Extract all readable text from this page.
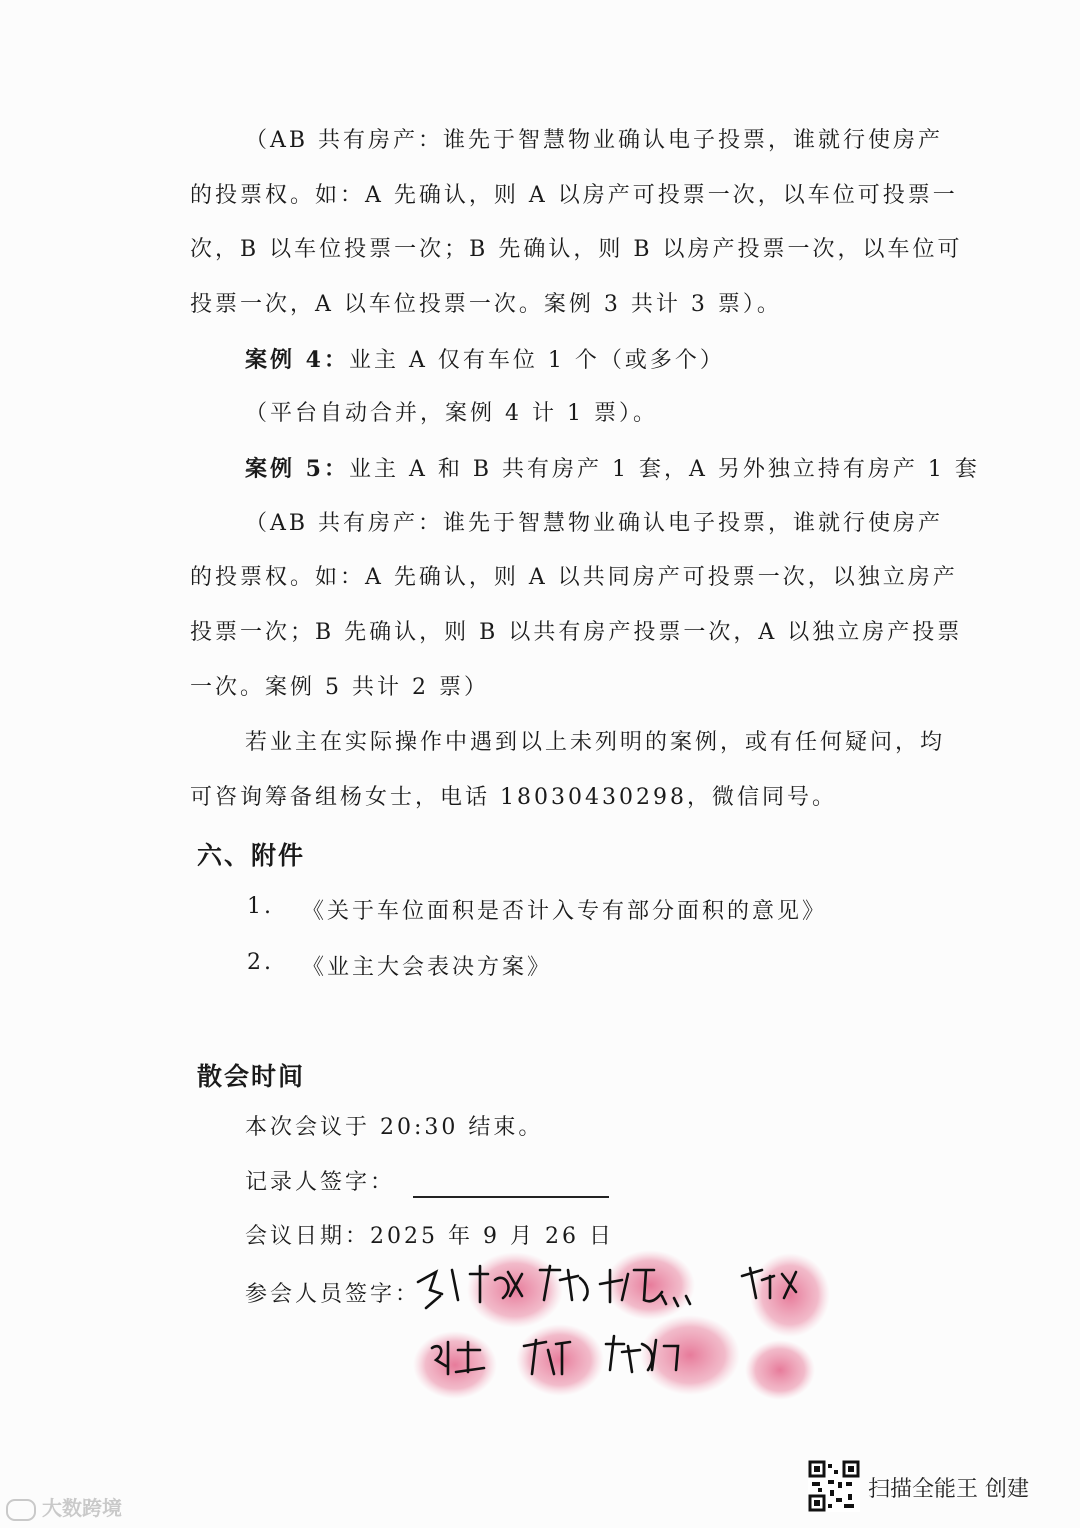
（AB 共有房产：谁先于智慧物业确认电子投票，谁就行使房产
的投票权。如：A 先确认，则 A 以房产可投票一次，以车位可投票一
次，B 以车位投票一次；B 先确认，则 B 以房产投票一次，以车位可
投票一次，A 以车位投票一次。案例 3 共计 3 票）。
案例 4：业主 A 仅有车位 1 个（或多个）
（平台自动合并，案例 4 计 1 票）。
案例 5：业主 A 和 B 共有房产 1 套，A 另外独立持有房产 1 套
（AB 共有房产：谁先于智慧物业确认电子投票，谁就行使房产
的投票权。如：A 先确认，则 A 以共同房产可投票一次，以独立房产
投票一次；B 先确认，则 B 以共有房产投票一次，A 以独立房产投票
一次。案例 5 共计 2 票）
若业主在实际操作中遇到以上未列明的案例，或有任何疑问，均
可咨询筹备组杨女士，电话 18030430298，微信同号。
六、附件
1. 《关于车位面积是否计入专有部分面积的意见》
2. 《业主大会表决方案》
散会时间
本次会议于 20:30 结束。
记录人签字：
会议日期：2025 年 9 月 26 日
参会人员签字：
扫描全能王 创建
大数跨境
